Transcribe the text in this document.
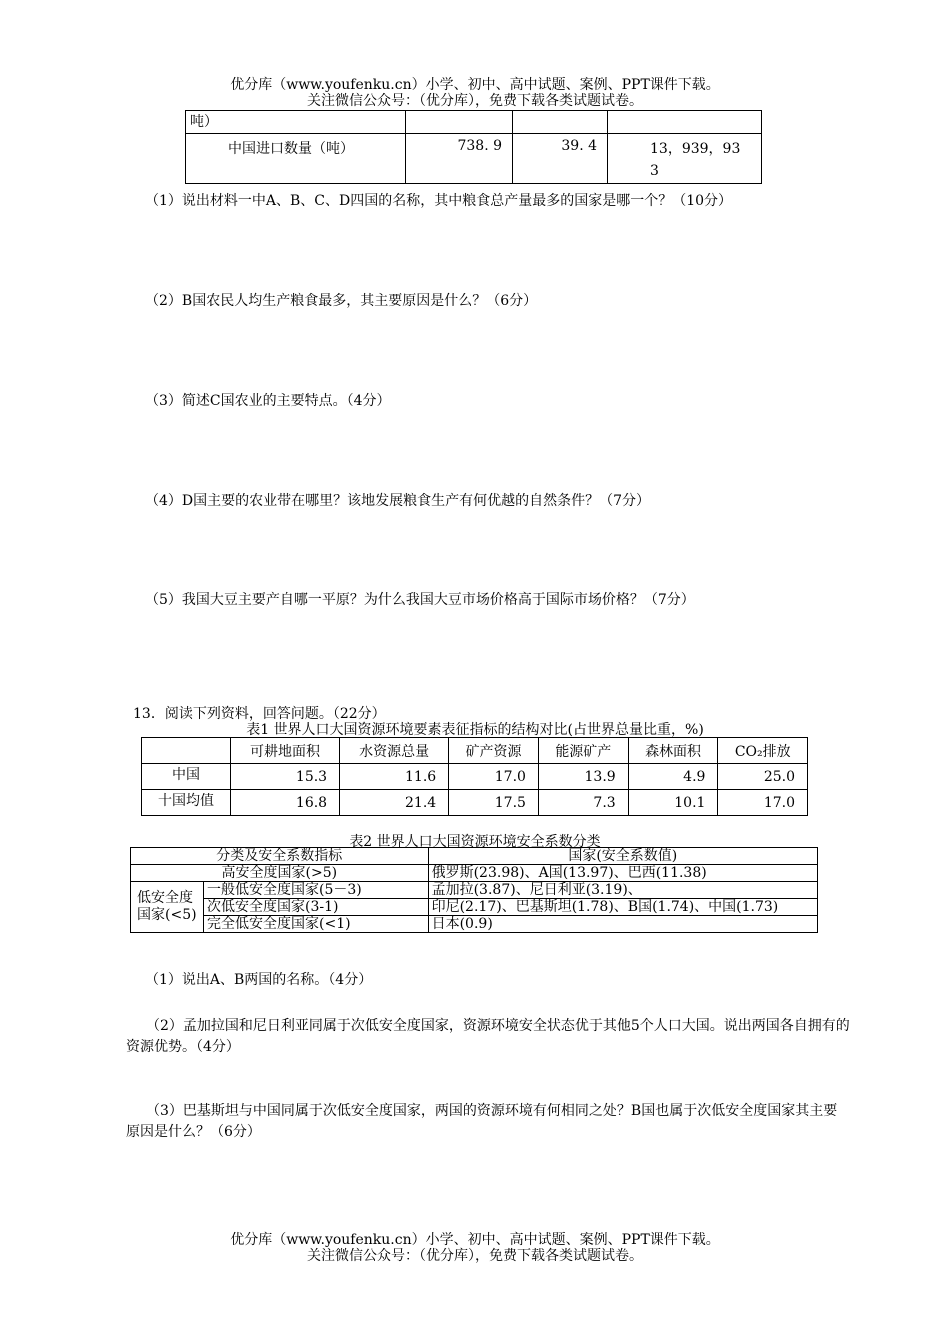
优分库（www.youfenku.cn）小学、初中、高中试题、案例、PPT课件下载。
关注微信公众号：（优分库），免费下载各类试题试卷。
吨）			
中国进口数量（吨）	738. 9	39. 4	13，939，93
3
（1）说出材料一中A、B、C、D四国的名称，其中粮食总产量最多的国家是哪一个？（10分）
（2）B国农民人均生产粮食最多，其主要原因是什么？（6分）
（3）简述C国农业的主要特点。（4分）
（4）D国主要的农业带在哪里？该地发展粮食生产有何优越的自然条件？（7分）
（5）我国大豆主要产自哪一平原？为什么我国大豆市场价格高于国际市场价格？（7分）
13．阅读下列资料，回答问题。（22分）
表1 世界人口大国资源环境要素表征指标的结构对比(占世界总量比重，%)
	可耕地面积	水资源总量	矿产资源	能源矿产	森林面积	CO₂排放
中国	15.3	11.6	17.0	13.9	4.9	25.0
十国均值	16.8	21.4	17.5	7.3	10.1	17.0
表2 世界人口大国资源环境安全系数分类
分类及安全系数指标		国家(安全系数值)
高安全度国家(>5)		俄罗斯(23.98)、A国(13.97)、巴西(11.38)
低安全度国家(<5)	一般低安全度国家(5－3)	孟加拉(3.87)、尼日利亚(3.19)、
	次低安全度国家(3-1)	印尼(2.17)、巴基斯坦(1.78)、B国(1.74)、中国(1.73)
	完全低安全度国家(<1)	日本(0.9)
（1）说出A、B两国的名称。（4分）
（2）孟加拉国和尼日利亚同属于次低安全度国家，资源环境安全状态优于其他5个人口大国。说出两国各自拥有的资源优势。（4分）
（3）巴基斯坦与中国同属于次低安全度国家，两国的资源环境有何相同之处？B国也属于次低安全度国家其主要原因是什么？（6分）
优分库（www.youfenku.cn）小学、初中、高中试题、案例、PPT课件下载。
关注微信公众号：（优分库），免费下载各类试题试卷。
